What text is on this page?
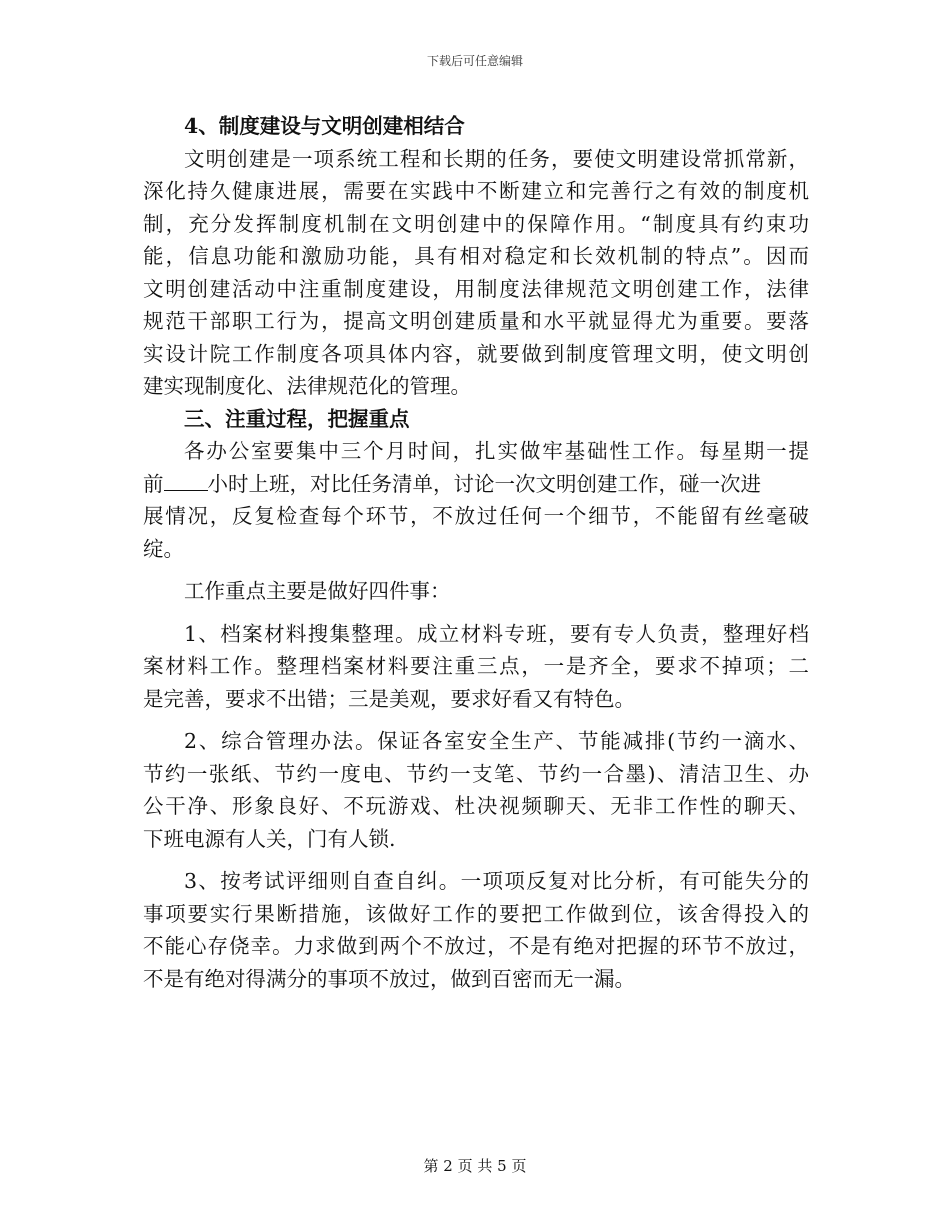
下载后可任意编辑
4、制度建设与文明创建相结合
文明创建是一项系统工程和长期的任务，要使文明建设常抓常新，
深化持久健康进展，需要在实践中不断建立和完善行之有效的制度机
制，充分发挥制度机制在文明创建中的保障作用。“制度具有约束功
能，信息功能和激励功能，具有相对稳定和长效机制的特点”。因而
文明创建活动中注重制度建设，用制度法律规范文明创建工作，法律
规范干部职工行为，提高文明创建质量和水平就显得尤为重要。要落
实设计院工作制度各项具体内容，就要做到制度管理文明，使文明创
建实现制度化、法律规范化的管理。
三、注重过程，把握重点
各办公室要集中三个月时间，扎实做牢基础性工作。每星期一提
前 小时上班，对比任务清单，讨论一次文明创建工作，碰一次进
展情况，反复检查每个环节，不放过任何一个细节，不能留有丝毫破
绽。
工作重点主要是做好四件事：
1、档案材料搜集整理。成立材料专班，要有专人负责，整理好档
案材料工作。整理档案材料要注重三点，一是齐全，要求不掉项；二
是完善，要求不出错；三是美观，要求好看又有特色。
2、综合管理办法。保证各室安全生产、节能减排(节约一滴水、
节约一张纸、节约一度电、节约一支笔、节约一合墨)、清洁卫生、办
公干净、形象良好、不玩游戏、杜决视频聊天、无非工作性的聊天、
下班电源有人关，门有人锁.
3、按考试评细则自查自纠。一项项反复对比分析，有可能失分的
事项要实行果断措施，该做好工作的要把工作做到位，该舍得投入的
不能心存侥幸。力求做到两个不放过，不是有绝对把握的环节不放过，
不是有绝对得满分的事项不放过，做到百密而无一漏。
第 2 页 共 5 页
